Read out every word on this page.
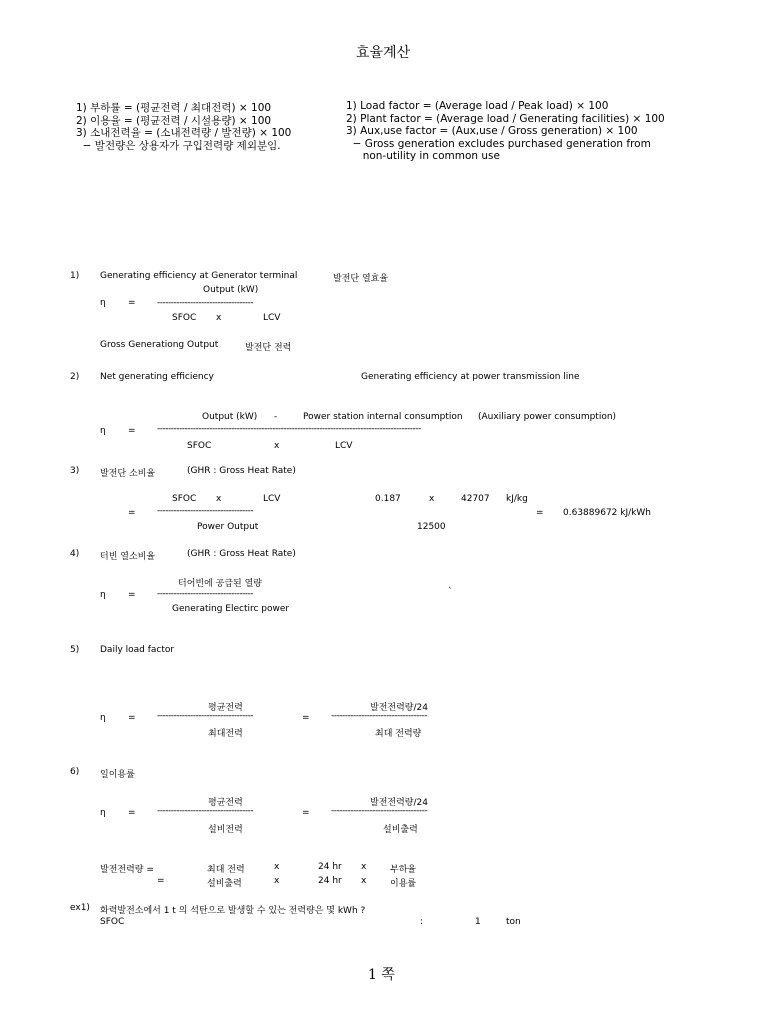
효율계산
1) 부하률 = (평균전력 / 최대전력) × 100
2) 이용율 = (평균전력 / 시설용량) × 100
3) 소내전력율 = (소내전력량 / 발전량) × 100
− 발전량은 상용자가 구입전력량 제외분임.
1) Load factor = (Average load / Peak load) × 100
2) Plant factor = (Average load / Generating facilities) × 100
3) Aux,use factor = (Aux,use / Gross generation) × 100
− Gross generation excludes purchased generation from
non-utility in common use
1) Generating efficiency at Generator terminal	발전단 열효율
Output (kW)
η = -----------------------------------
SFOC x	LCV
Gross Generationg Output	발전단 전력
2) Net generating efficiency	Generating efficiency at power transmission line
Output (kW) -	Power station internal consumption (Auxiliary power consumption)
η = ------------------------------------------------------------------------------------------------
SFOC	x	LCV
3) 발전단 소비율	(GHR : Gross Heat Rate)
SFOC x	LCV	0.187	x	42707 kJ/kg
= -----------------------------------	= 0.63889672 kJ/kWh
Power Output	12500
4) 터빈 열소비율	(GHR : Gross Heat Rate)
터어빈에 공급된 열량
η = -----------------------------------	`
Generating Electirc power
5) Daily load factor
평균전력	발전전력량/24
η = -----------------------------------	= -----------------------------------
최대전력	최대 전력량
6) 일이용률
평균전력	발전전력량/24
η = -----------------------------------	= -----------------------------------
설비전력	설비출력
발전전력량 =	최대 전력	x	24 hr x	부하율
=	설비출력	x	24 hr x	이용률
ex1) 화력발전소에서 1 t 의 석탄으로 발생할 수 있는 전력량은 몇 kWh ?
SFOC	:	1	ton
1 쪽
